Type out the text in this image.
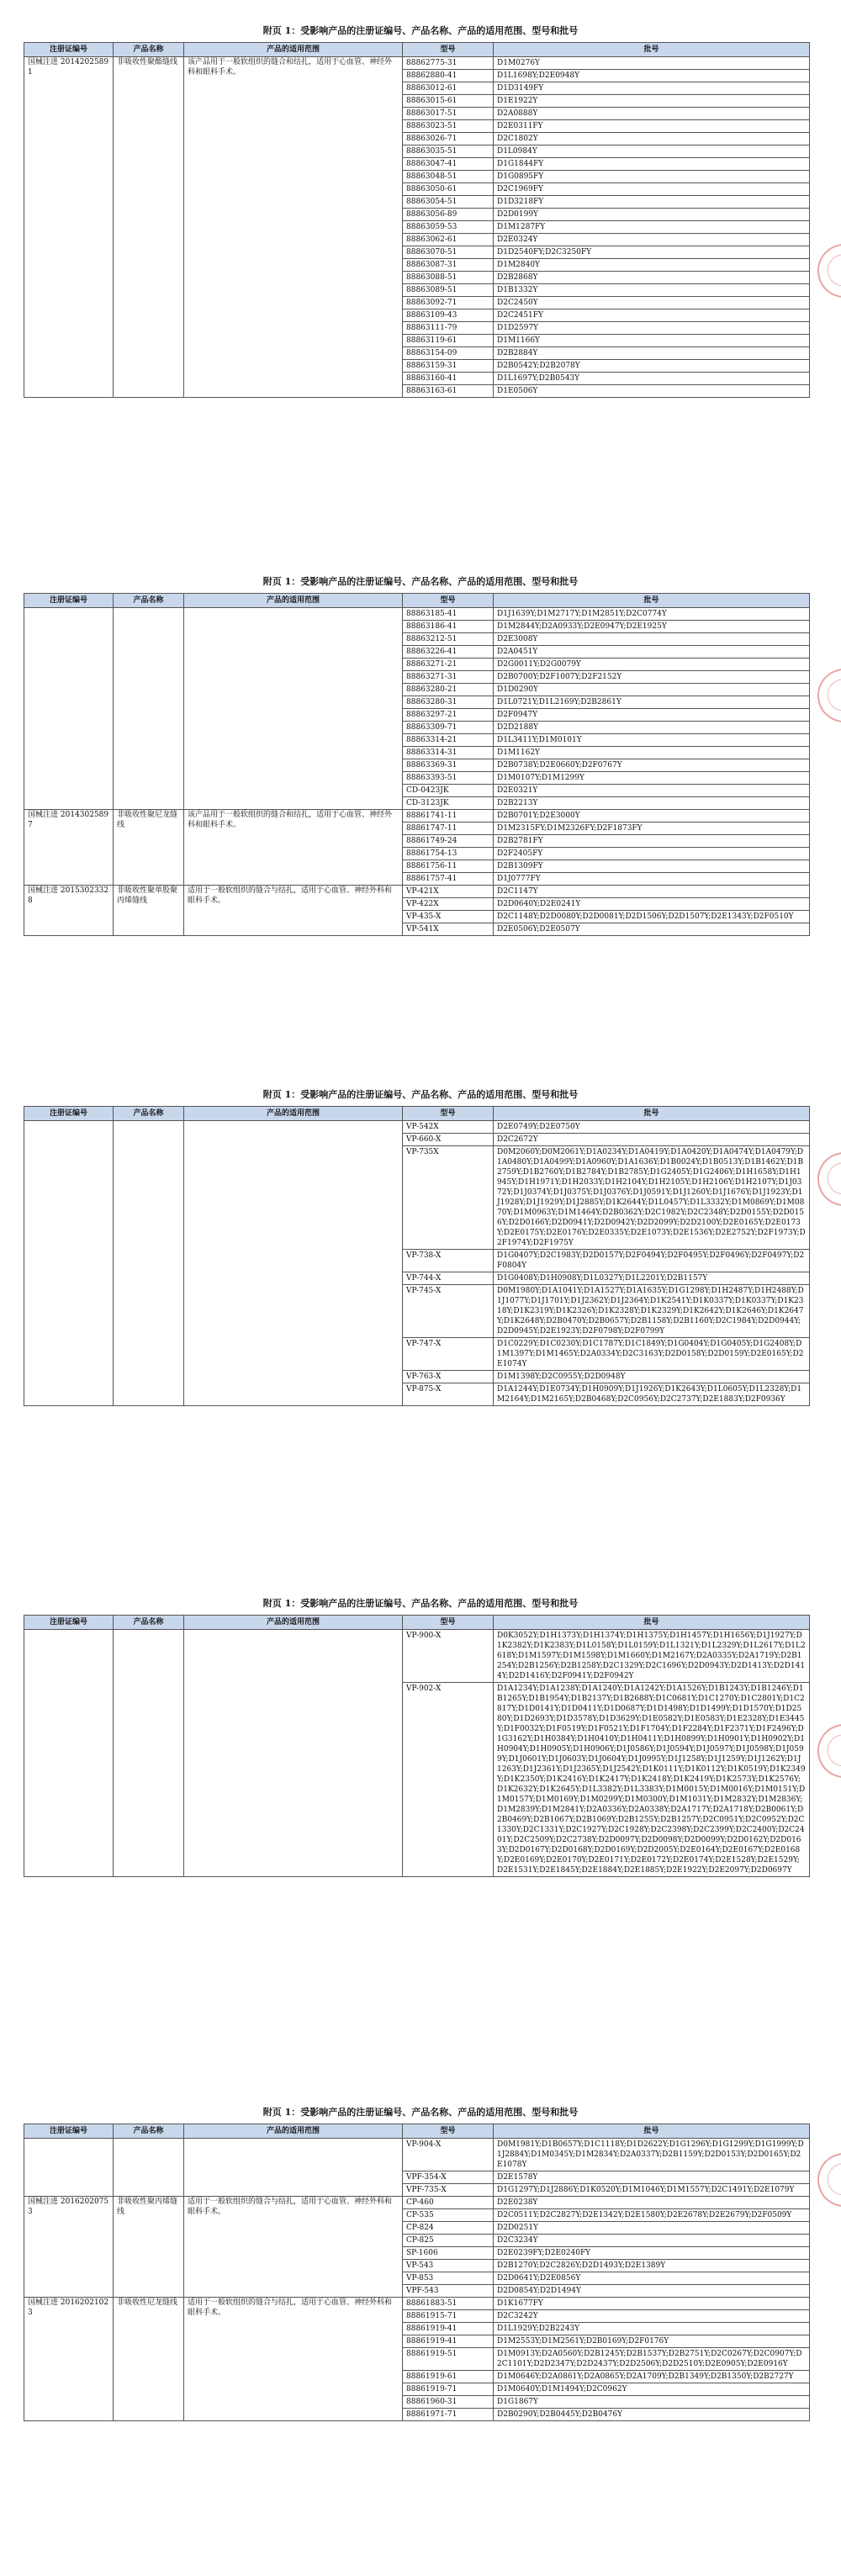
附页 1：受影响产品的注册证编号、产品名称、产品的适用范围、型号和批号
注册证编号	产品名称	产品的适用范围	型号	批号
国械注进 20142025891	非吸收性聚酯缝线	该产品用于一般软组织的缝合和结扎，适用于心血管、神经外科和眼科手术。	88862775-31	D1M0276Y
			88862880-41	D1L1698Y;D2E0948Y
			88863012-61	D1D3149FY
			88863015-61	D1E1922Y
			88863017-51	D2A0888Y
			88863023-51	D2E0311FY
			88863026-71	D2C1802Y
			88863035-51	D1L0984Y
			88863047-41	D1G1844FY
			88863048-51	D1G0895FY
			88863050-61	D2C1969FY
			88863054-51	D1D3218FY
			88863056-89	D2D0199Y
			88863059-53	D1M1287FY
			88863062-61	D2E0324Y
			88863070-51	D1D2540FY;D2C3250FY
			88863087-31	D1M2840Y
			88863088-51	D2B2868Y
			88863089-51	D1B1332Y
			88863092-71	D2C2450Y
			88863109-43	D2C2451FY
			88863111-79	D1D2597Y
			88863119-61	D1M1166Y
			88863154-09	D2B2884Y
			88863159-31	D2B0542Y;D2B2078Y
			88863160-41	D1L1697Y;D2B0543Y
			88863163-61	D1E0506Y
附页 1：受影响产品的注册证编号、产品名称、产品的适用范围、型号和批号
注册证编号	产品名称	产品的适用范围	型号	批号
			88863185-41	D1J1639Y;D1M2717Y;D1M2851Y;D2C0774Y
			88863186-41	D1M2844Y;D2A0933Y;D2E0947Y;D2E1925Y
			88863212-51	D2E3008Y
			88863226-41	D2A0451Y
			88863271-21	D2G0011Y;D2G0079Y
			88863271-31	D2B0700Y;D2F1007Y;D2F2152Y
			88863280-21	D1D0290Y
			88863280-31	D1L0721Y;D1L2169Y;D2B2861Y
			88863297-21	D2F0947Y
			88863309-71	D2D2188Y
			88863314-21	D1L3411Y;D1M0101Y
			88863314-31	D1M1162Y
			88863369-31	D2B0738Y;D2E0660Y;D2F0767Y
			88863393-51	D1M0107Y;D1M1299Y
			CD-0423JK	D2E0321Y
			CD-3123JK	D2B2213Y
国械注进 20143025897	非吸收性聚尼龙缝线	该产品用于一般软组织的缝合和结扎，适用于心血管、神经外科和眼科手术。	88861741-11	D2B0701Y;D2E3000Y
			88861747-11	D1M2315FY;D1M2326FY;D2F1873FY
			88861749-24	D2B2781FY
			88861754-13	D2F2405FY
			88861756-11	D2B1309FY
			88861757-41	D1J0777FY
国械注进 20153023328	非吸收性聚单股聚丙烯缝线	适用于一般软组织的缝合与结扎，适用于心血管、神经外科和眼科手术。	VP-421X	D2C1147Y
			VP-422X	D2D0640Y;D2E0241Y
			VP-435-X	D2C1148Y;D2D0080Y;D2D0081Y;D2D1506Y;D2D1507Y;D2E1343Y;D2F0510Y
			VP-541X	D2E0506Y;D2E0507Y
附页 1：受影响产品的注册证编号、产品名称、产品的适用范围、型号和批号
注册证编号	产品名称	产品的适用范围	型号	批号
			VP-542X	D2E0749Y;D2E0750Y
			VP-660-X	D2C2672Y
			VP-735X	D0M2060Y;D0M2061Y;D1A0234Y;D1A0419Y;D1A0420Y;D1A0474Y;D1A0479Y;D1A0480Y;D1A0499Y;D1A0960Y;D1A1636Y;D1B0024Y;D1B0513Y;D1B1462Y;D1B2759Y;D1B2760Y;D1B2784Y;D1B2785Y;D1G2405Y;D1G2406Y;D1H1658Y;D1H1945Y;D1H1971Y;D1H2033Y;D1H2104Y;D1H2105Y;D1H2106Y;D1H2107Y;D1J0372Y;D1J0374Y;D1J0375Y;D1J0376Y;D1J0591Y;D1J1260Y;D1J1676Y;D1J1923Y;D1J1928Y;D1J1929Y;D1J2885Y;D1K2644Y;D1L0457Y;D1L3332Y;D1M0869Y;D1M0870Y;D1M0963Y;D1M1464Y;D2B0362Y;D2C1982Y;D2C2348Y;D2D0155Y;D2D0156Y;D2D0166Y;D2D0941Y;D2D0942Y;D2D2099Y;D2D2100Y;D2E0165Y;D2E0173Y;D2E0175Y;D2E0176Y;D2E0335Y;D2E1073Y;D2E1536Y;D2E2752Y;D2F1973Y;D2F1974Y;D2F1975Y
			VP-738-X	D1G0407Y;D2C1983Y;D2D0157Y;D2F0494Y;D2F0495Y;D2F0496Y;D2F0497Y;D2F0804Y
			VP-744-X	D1G0408Y;D1H0908Y;D1L0327Y;D1L2201Y;D2B1157Y
			VP-745-X	D0M1980Y;D1A1041Y;D1A1527Y;D1A1635Y;D1G1298Y;D1H2487Y;D1H2488Y;D1J1077Y;D1J1701Y;D1J2362Y;D1J2364Y;D1K2541Y;D1K0337Y;D1K0337Y;D1K2318Y;D1K2319Y;D1K2326Y;D1K2328Y;D1K2329Y;D1K2642Y;D1K2646Y;D1K2647Y;D1K2648Y;D2B0470Y;D2B0657Y;D2B1158Y;D2B1160Y;D2C1984Y;D2D0944Y;D2D0945Y;D2E1923Y;D2F0798Y;D2F0799Y
			VP-747-X	D1C0229Y;D1C0230Y;D1C1787Y;D1C1849Y;D1G0404Y;D1G0405Y;D1G2408Y;D1M1397Y;D1M1465Y;D2A0334Y;D2C3163Y;D2D0158Y;D2D0159Y;D2E0165Y;D2E1074Y
			VP-763-X	D1M1398Y;D2C0955Y;D2D0948Y
			VP-875-X	D1A1244Y;D1E0734Y;D1H0909Y;D1J1926Y;D1K2643Y;D1L0605Y;D1L2328Y;D1M2164Y;D1M2165Y;D2B0468Y;D2C0956Y;D2C2737Y;D2E1883Y;D2F0936Y
附页 1：受影响产品的注册证编号、产品名称、产品的适用范围、型号和批号
注册证编号	产品名称	产品的适用范围	型号	批号
			VP-900-X	D0K3052Y;D1H1373Y;D1H1374Y;D1H1375Y;D1H1457Y;D1H1656Y;D1J1927Y;D1K2382Y;D1K2383Y;D1L0158Y;D1L0159Y;D1L1321Y;D1L2329Y;D1L2617Y;D1L2618Y;D1M1597Y;D1M1598Y;D1M1660Y;D1M2167Y;D2A0335Y;D2A1719Y;D2B1254Y;D2B1256Y;D2B1258Y;D2C1329Y;D2C1696Y;D2D0943Y;D2D1413Y;D2D1414Y;D2D1416Y;D2F0941Y;D2F0942Y
			VP-902-X	D1A1234Y;D1A1238Y;D1A1240Y;D1A1242Y;D1A1526Y;D1B1243Y;D1B1246Y;D1B1265Y;D1B1954Y;D1B2137Y;D1B2688Y;D1C0681Y;D1C1270Y;D1C2801Y;D1C2817Y;D1D0141Y;D1D0411Y;D1D0687Y;D1D1498Y;D1D1499Y;D1D1570Y;D1D2580Y;D1D2693Y;D1D3578Y;D1D3629Y;D1E0582Y;D1E0583Y;D1E2328Y;D1E3445Y;D1F0032Y;D1F0519Y;D1F0521Y;D1F1704Y;D1F2284Y;D1F2371Y;D1F2496Y;D1G3162Y;D1H0384Y;D1H0410Y;D1H0411Y;D1H0899Y;D1H0901Y;D1H0902Y;D1H0904Y;D1H0905Y;D1H0906Y;D1J0586Y;D1J0594Y;D1J0597Y;D1J0598Y;D1J0599Y;D1J0601Y;D1J0603Y;D1J0604Y;D1J0995Y;D1J1258Y;D1J1259Y;D1J1262Y;D1J1263Y;D1J2361Y;D1J2365Y;D1J2542Y;D1K0111Y;D1K0112Y;D1K0519Y;D1K2349Y;D1K2350Y;D1K2416Y;D1K2417Y;D1K2418Y;D1K2419Y;D1K2573Y;D1K2576Y;D1K2632Y;D1K2645Y;D1L3382Y;D1L3383Y;D1M0015Y;D1M0016Y;D1M0151Y;D1M0157Y;D1M0169Y;D1M0299Y;D1M0300Y;D1M1031Y;D1M2832Y;D1M2836Y;D1M2839Y;D1M2841Y;D2A0336Y;D2A0338Y;D2A1717Y;D2A1718Y;D2B0061Y;D2B0469Y;D2B1067Y;D2B1069Y;D2B1255Y;D2B1257Y;D2C0951Y;D2C0952Y;D2C1330Y;D2C1331Y;D2C1927Y;D2C1928Y;D2C2398Y;D2C2399Y;D2C2400Y;D2C2401Y;D2C2509Y;D2C2738Y;D2D0097Y;D2D0098Y;D2D0099Y;D2D0162Y;D2D0163Y;D2D0167Y;D2D0168Y;D2D0169Y;D2D2005Y;D2E0164Y;D2E0167Y;D2E0168Y;D2E0169Y;D2E0170Y;D2E0171Y;D2E0172Y;D2E0174Y;D2E1528Y;D2E1529Y;D2E1531Y;D2E1845Y;D2E1884Y;D2E1885Y;D2E1922Y;D2E2097Y;D2D0697Y
附页 1：受影响产品的注册证编号、产品名称、产品的适用范围、型号和批号
注册证编号	产品名称	产品的适用范围	型号	批号
			VP-904-X	D0M1981Y;D1B0657Y;D1C1118Y;D1D2622Y;D1G1296Y;D1G1299Y;D1G1999Y;D1J2884Y;D1M0345Y;D1M2834Y;D2A0337Y;D2B1159Y;D2D0153Y;D2D0165Y;D2E1078Y
			VPF-354-X	D2E1578Y
			VPF-735-X	D1G1297Y;D1J2886Y;D1K0520Y;D1M1046Y;D1M1557Y;D2C1491Y;D2E1079Y
国械注进 20162020753	非吸收性聚丙烯缝线	适用于一般软组织的缝合与结扎，适用于心血管、神经外科和眼科手术。	CP-460	D2E0238Y
			CP-535	D2C0511Y;D2C2827Y;D2E1342Y;D2E1580Y;D2E2678Y;D2E2679Y;D2F0509Y
			CP-824	D2D0251Y
			CP-825	D2C3234Y
			SP-1606	D2E0239FY;D2E0240FY
			VP-543	D2B1270Y;D2C2826Y;D2D1493Y;D2E1389Y
			VP-853	D2D0641Y;D2E0856Y
			VPF-543	D2D0854Y;D2D1494Y
国械注进 20162021023	非吸收性尼龙缝线	适用于一般软组织的缝合与结扎，适用于心血管、神经外科和眼科手术。	88861883-51	D1K1677FY
			88861915-71	D2C3242Y
			88861919-41	D1L1929Y;D2B2243Y
			88861919-41	D1M2553Y;D1M2561Y;D2B0169Y;D2F0176Y
			88861919-51	D1M0913Y;D2A0560Y;D2B1245Y;D2B1537Y;D2B2751Y;D2C0267Y;D2C0907Y;D2C1101Y;D2D2347Y;D2D2437Y;D2D2506Y;D2D2510Y;D2E0905Y;D2E0916Y
			88861919-61	D1M0646Y;D2A0861Y;D2A0865Y;D2A1709Y;D2B1349Y;D2B1350Y;D2B2727Y
			88861919-71	D1M0640Y;D1M1494Y;D2C0962Y
			88861960-31	D1G1867Y
			88861971-71	D2B0290Y;D2B0445Y;D2B0476Y
